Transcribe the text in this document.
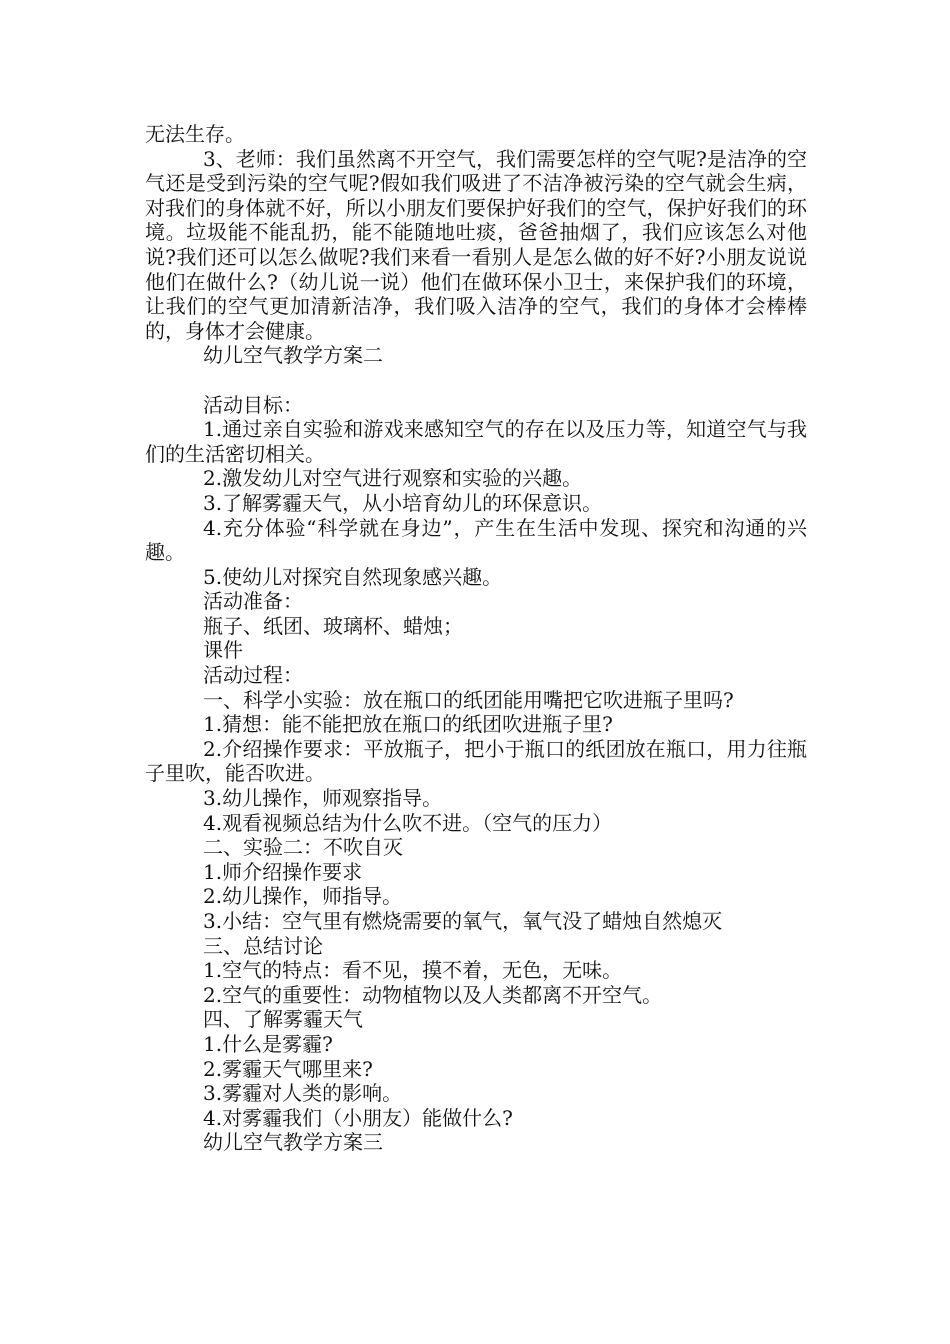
无法生存。
3、老师：我们虽然离不开空气，我们需要怎样的空气呢?是洁净的空气还是受到污染的空气呢?假如我们吸进了不洁净被污染的空气就会生病，对我们的身体就不好，所以小朋友们要保护好我们的空气，保护好我们的环境。垃圾能不能乱扔，能不能随地吐痰，爸爸抽烟了，我们应该怎么对他说?我们还可以怎么做呢?我们来看一看别人是怎么做的好不好?小朋友说说他们在做什么?（幼儿说一说）他们在做环保小卫士，来保护我们的环境，让我们的空气更加清新洁净，我们吸入洁净的空气，我们的身体才会棒棒的，身体才会健康。
幼儿空气教学方案二
活动目标：
1.通过亲自实验和游戏来感知空气的存在以及压力等，知道空气与我们的生活密切相关。
2.激发幼儿对空气进行观察和实验的兴趣。
3.了解雾霾天气，从小培育幼儿的环保意识。
4.充分体验“科学就在身边”，产生在生活中发现、探究和沟通的兴趣。
5.使幼儿对探究自然现象感兴趣。
活动准备：
瓶子、纸团、玻璃杯、蜡烛；
课件
活动过程：
一、科学小实验：放在瓶口的纸团能用嘴把它吹进瓶子里吗?
1.猜想：能不能把放在瓶口的纸团吹进瓶子里?
2.介绍操作要求：平放瓶子，把小于瓶口的纸团放在瓶口，用力往瓶子里吹，能否吹进。
3.幼儿操作，师观察指导。
4.观看视频总结为什么吹不进。（空气的压力）
二、实验二：不吹自灭
1.师介绍操作要求
2.幼儿操作，师指导。
3.小结：空气里有燃烧需要的氧气，氧气没了蜡烛自然熄灭
三、总结讨论
1.空气的特点：看不见，摸不着，无色，无味。
2.空气的重要性：动物植物以及人类都离不开空气。
四、了解雾霾天气
1.什么是雾霾?
2.雾霾天气哪里来?
3.雾霾对人类的影响。
4.对雾霾我们（小朋友）能做什么?
幼儿空气教学方案三
